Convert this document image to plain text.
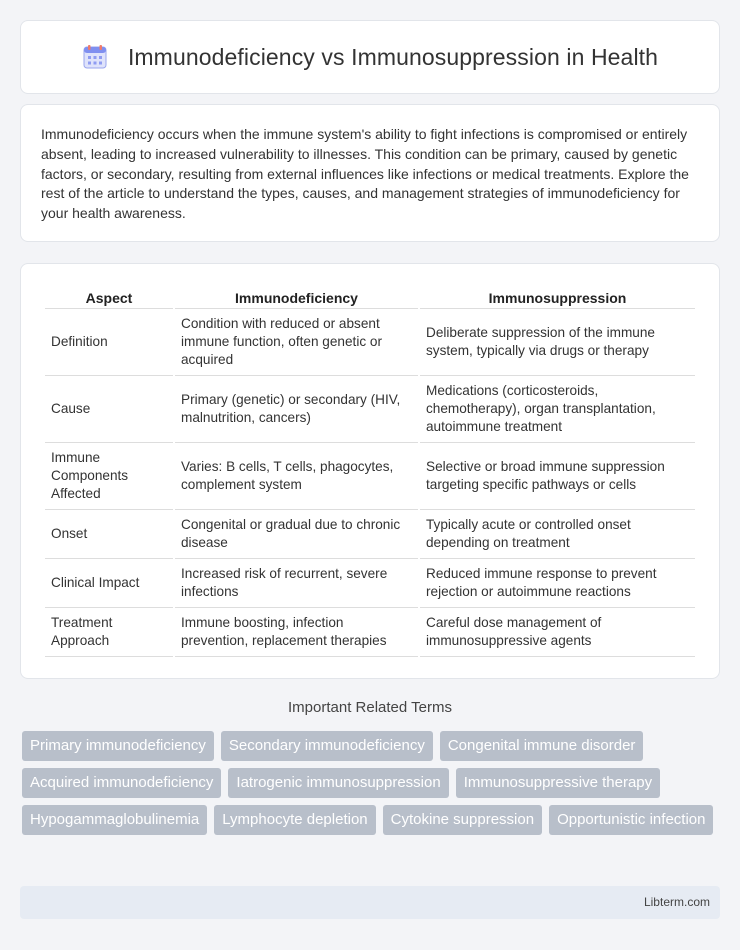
Immunodeficiency vs Immunosuppression in Health

Immunodeficiency occurs when the immune system's ability to fight infections is compromised or entirely absent, leading to increased vulnerability to illnesses. This condition can be primary, caused by genetic factors, or secondary, resulting from external influences like infections or medical treatments. Explore the rest of the article to understand the types, causes, and management strategies of immunodeficiency for your health awareness.

Aspect	Immunodeficiency	Immunosuppression
Definition	Condition with reduced or absent immune function, often genetic or acquired	Deliberate suppression of the immune system, typically via drugs or therapy
Cause	Primary (genetic) or secondary (HIV, malnutrition, cancers)	Medications (corticosteroids, chemotherapy), organ transplantation, autoimmune treatment
Immune Components Affected	Varies: B cells, T cells, phagocytes, complement system	Selective or broad immune suppression targeting specific pathways or cells
Onset	Congenital or gradual due to chronic disease	Typically acute or controlled onset depending on treatment
Clinical Impact	Increased risk of recurrent, severe infections	Reduced immune response to prevent rejection or autoimmune reactions
Treatment Approach	Immune boosting, infection prevention, replacement therapies	Careful dose management of immunosuppressive agents
Important Related Terms
Primary immunodeficiency	Secondary immunodeficiency	Congenital immune disorder
Acquired immunodeficiency	Iatrogenic immunosuppression	Immunosuppressive therapy
Hypogammaglobulinemia	Lymphocyte depletion	Cytokine suppression	Opportunistic infection
Libterm.com
